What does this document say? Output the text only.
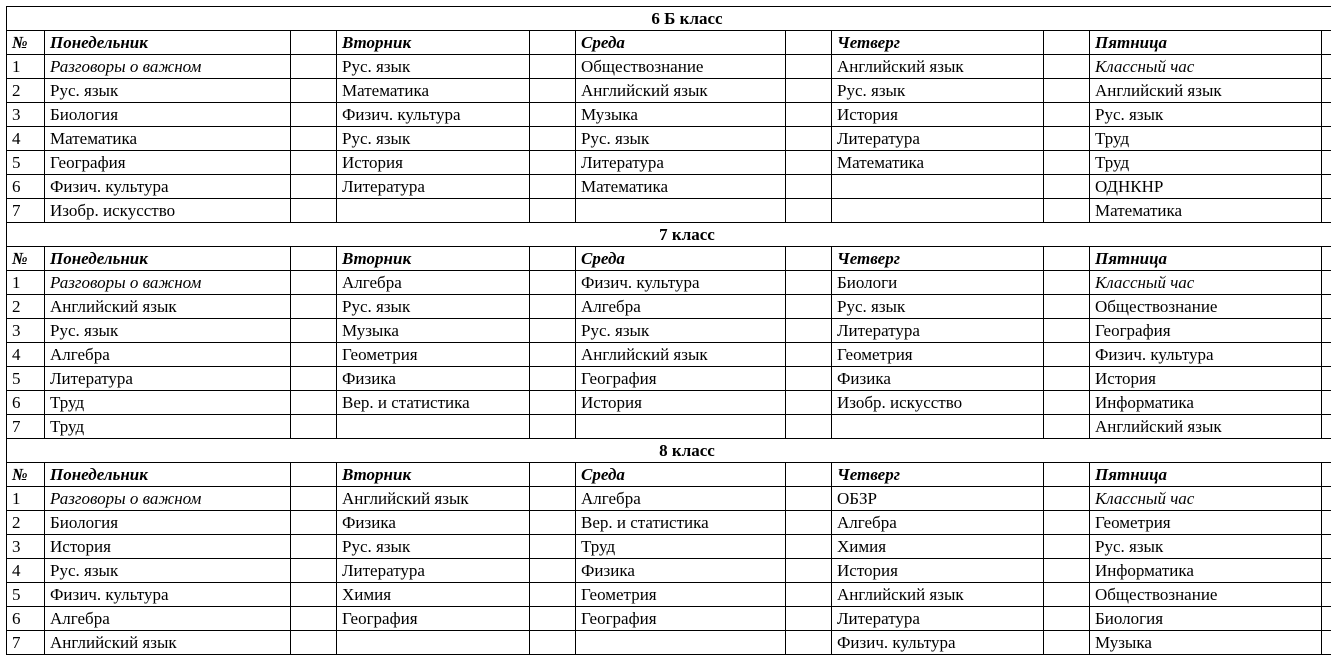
6 Б класс										
№	Понедельник		Вторник		Среда		Четверг		Пятница	
1	Разговоры о важном		Рус. язык		Обществознание		Английский язык		Классный час	
2	Рус. язык		Математика		Английский язык		Рус. язык		Английский язык	
3	Биология		Физич. культура		Музыка		История		Рус. язык	
4	Математика		Рус. язык		Рус. язык		Литература		Труд	
5	География		История		Литература		Математика		Труд	
6	Физич. культура		Литература		Математика				ОДНКНР	
7	Изобр. искусство								Математика	
7 класс										
№	Понедельник		Вторник		Среда		Четверг		Пятница	
1	Разговоры о важном		Алгебра		Физич. культура		Биологи		Классный час	
2	Английский язык		Рус. язык		Алгебра		Рус. язык		Обществознание	
3	Рус. язык		Музыка		Рус. язык		Литература		География	
4	Алгебра		Геометрия		Английский язык		Геометрия		Физич. культура	
5	Литература		Физика		География		Физика		История	
6	Труд		Вер. и статистика		История		Изобр. искусство		Информатика	
7	Труд								Английский язык	
8 класс										
№	Понедельник		Вторник		Среда		Четверг		Пятница	
1	Разговоры о важном		Английский язык		Алгебра		ОБЗР		Классный час	
2	Биология		Физика		Вер. и статистика		Алгебра		Геометрия	
3	История		Рус. язык		Труд		Химия		Рус. язык	
4	Рус. язык		Литература		Физика		История		Информатика	
5	Физич. культура		Химия		Геометрия		Английский язык		Обществознание	
6	Алгебра		География		География		Литература		Биология	
7	Английский язык						Физич. культура		Музыка	
